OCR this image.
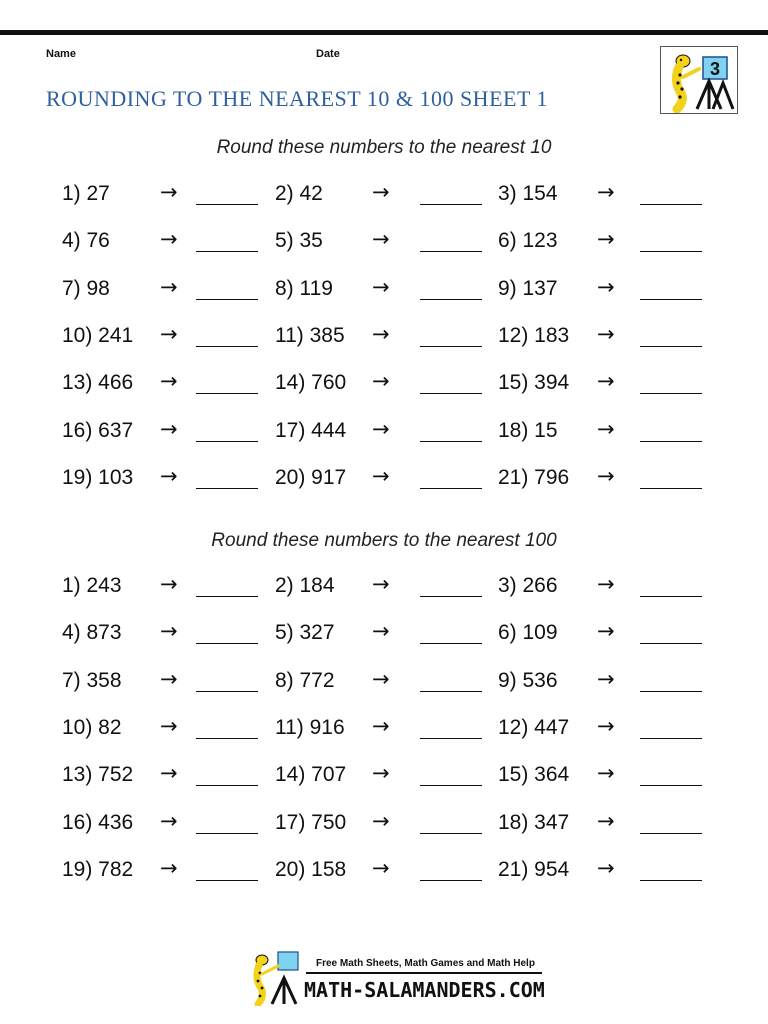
Name	Date
ROUNDING TO THE NEAREST 10 & 100 SHEET 1
3
Round these numbers to the nearest 10
1) 27 →	2) 42 →	3) 154 →
4) 76 →	5) 35 →	6) 123 →
7) 98 →	8) 119 →	9) 137 →
10) 241 →	11) 385 →	12) 183 →
13) 466 →	14) 760 →	15) 394 →
16) 637 →	17) 444 →	18) 15 →
19) 103 →	20) 917 →	21) 796 →
Round these numbers to the nearest 100
1) 243 →	2) 184 →	3) 266 →
4) 873 →	5) 327 →	6) 109 →
7) 358 →	8) 772 →	9) 536 →
10) 82 →	11) 916 →	12) 447 →
13) 752 →	14) 707 →	15) 364 →
16) 436 →	17) 750 →	18) 347 →
19) 782 →	20) 158 →	21) 954 →
Free Math Sheets, Math Games and Math Help
MATH-SALAMANDERS.COM
